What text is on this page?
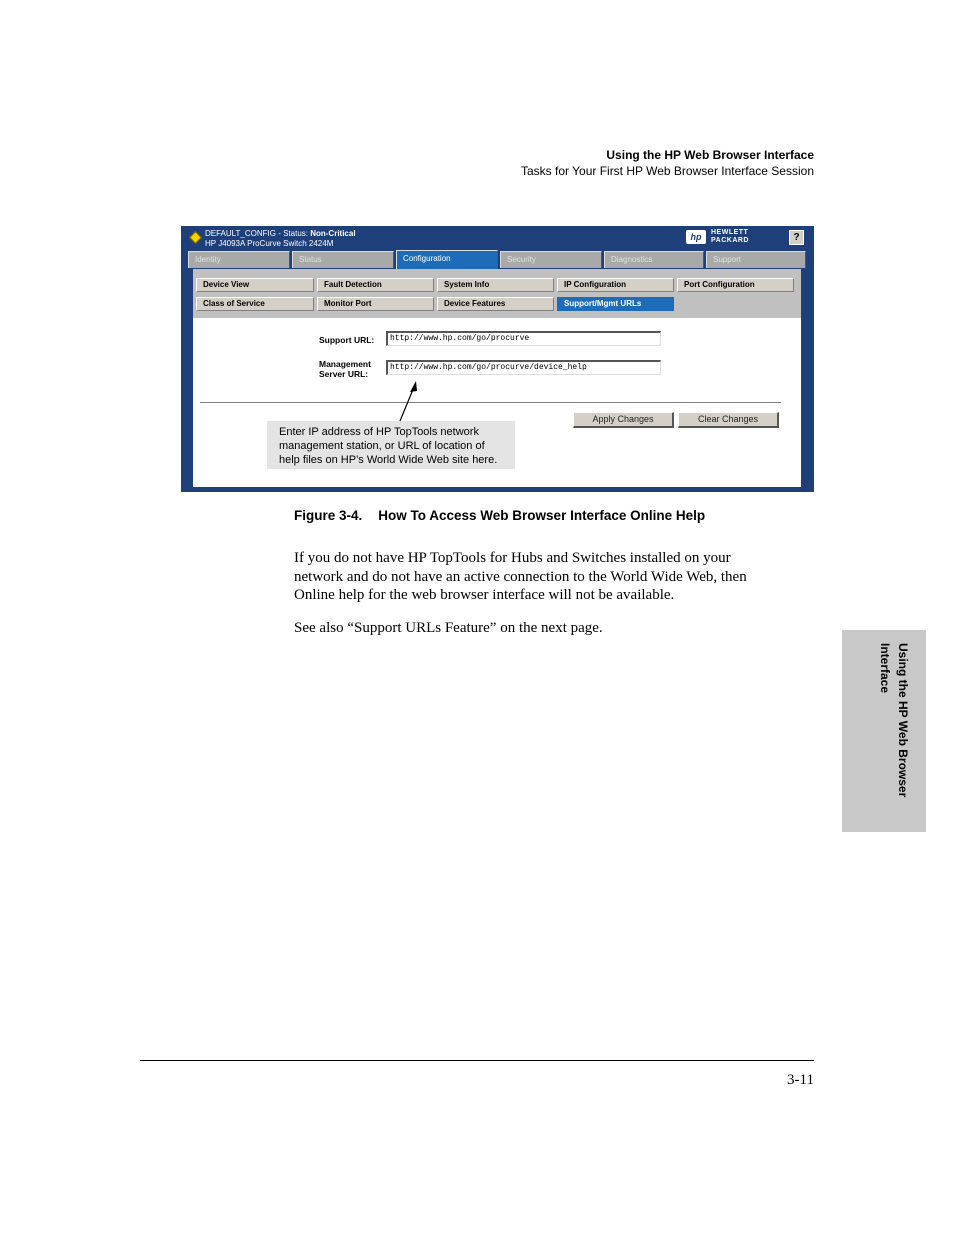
Using the HP Web Browser Interface
Tasks for Your First HP Web Browser Interface Session
DEFAULT_CONFIG - Status: Non-Critical
HP J4093A ProCurve Switch 2424M
hp	HEWLETT
PACKARD	?
Identity	Status	Configuration	Security	Diagnostics	Support
Device View	Fault Detection	System Info	IP Configuration	Port Configuration
Class of Service	Monitor Port	Device Features	Support/Mgmt URLs
Support URL:	http://www.hp.com/go/procurve
Management
Server URL:
http://www.hp.com/go/procurve/device_help
Apply Changes	Clear Changes
Enter IP address of HP TopTools network
management station, or URL of location of
help files on HP’s World Wide Web site here.
Figure 3-4. How To Access Web Browser Interface Online Help
If you do not have HP TopTools for Hubs and Switches installed on your
network and do not have an active connection to the World Wide Web, then
Online help for the web browser interface will not be available.
See also “Support URLs Feature” on the next page.
Using the HP Web Browser
Interface
3-11
